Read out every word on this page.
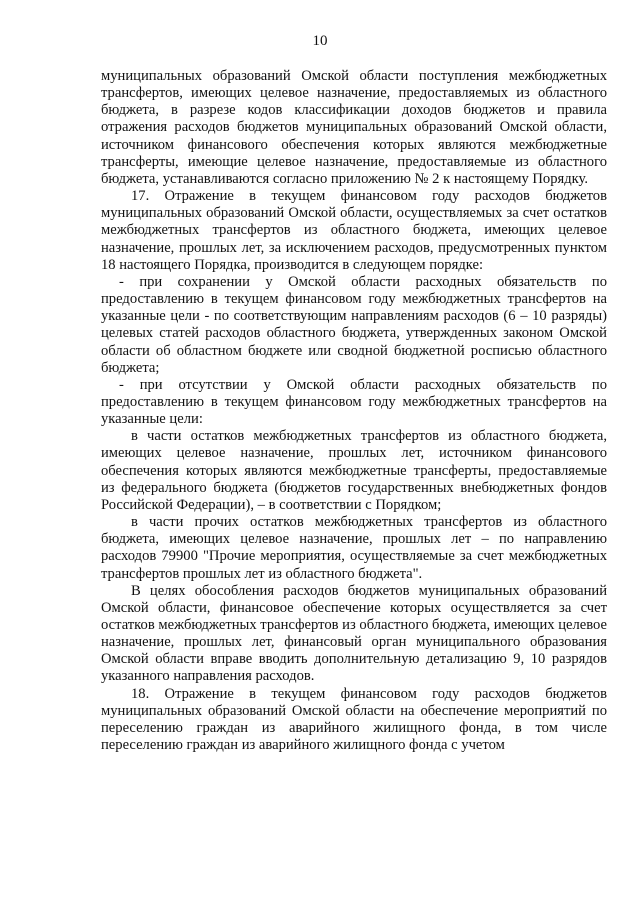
10

муниципальных образований Омской области поступления межбюджетных трансфертов, имеющих целевое назначение, предоставляемых из областного бюджета, в разрезе кодов классификации доходов бюджетов и правила отражения расходов бюджетов муниципальных образований Омской области, источником финансового обеспечения которых являются межбюджетные трансферты, имеющие целевое назначение, предоставляемые из областного бюджета, устанавливаются согласно приложению № 2 к настоящему Порядку.

17. Отражение в текущем финансовом году расходов бюджетов муниципальных образований Омской области, осуществляемых за счет остатков межбюджетных трансфертов из областного бюджета, имеющих целевое назначение, прошлых лет, за исключением расходов, предусмотренных пунктом 18 настоящего Порядка, производится в следующем порядке:

- при сохранении у Омской области расходных обязательств по предоставлению в текущем финансовом году межбюджетных трансфертов на указанные цели - по соответствующим направлениям расходов (6 – 10 разряды) целевых статей расходов областного бюджета, утвержденных законом Омской области об областном бюджете или сводной бюджетной росписью областного бюджета;

- при отсутствии у Омской области расходных обязательств по предоставлению в текущем финансовом году межбюджетных трансфертов на указанные цели:

в части остатков межбюджетных трансфертов из областного бюджета, имеющих целевое назначение, прошлых лет, источником финансового обеспечения которых являются межбюджетные трансферты, предоставляемые из федерального бюджета (бюджетов государственных внебюджетных фондов Российской Федерации), – в соответствии с Порядком;

в части прочих остатков межбюджетных трансфертов из областного бюджета, имеющих целевое назначение, прошлых лет – по направлению расходов 79900 "Прочие мероприятия, осуществляемые за счет межбюджетных трансфертов прошлых лет из областного бюджета".

В целях обособления расходов бюджетов муниципальных образований Омской области, финансовое обеспечение которых осуществляется за счет остатков межбюджетных трансфертов из областного бюджета, имеющих целевое назначение, прошлых лет, финансовый орган муниципального образования Омской области вправе вводить дополнительную детализацию 9, 10 разрядов указанного направления расходов.

18. Отражение в текущем финансовом году расходов бюджетов муниципальных образований Омской области на обеспечение мероприятий по переселению граждан из аварийного жилищного фонда, в том числе переселению граждан из аварийного жилищного фонда с учетом
